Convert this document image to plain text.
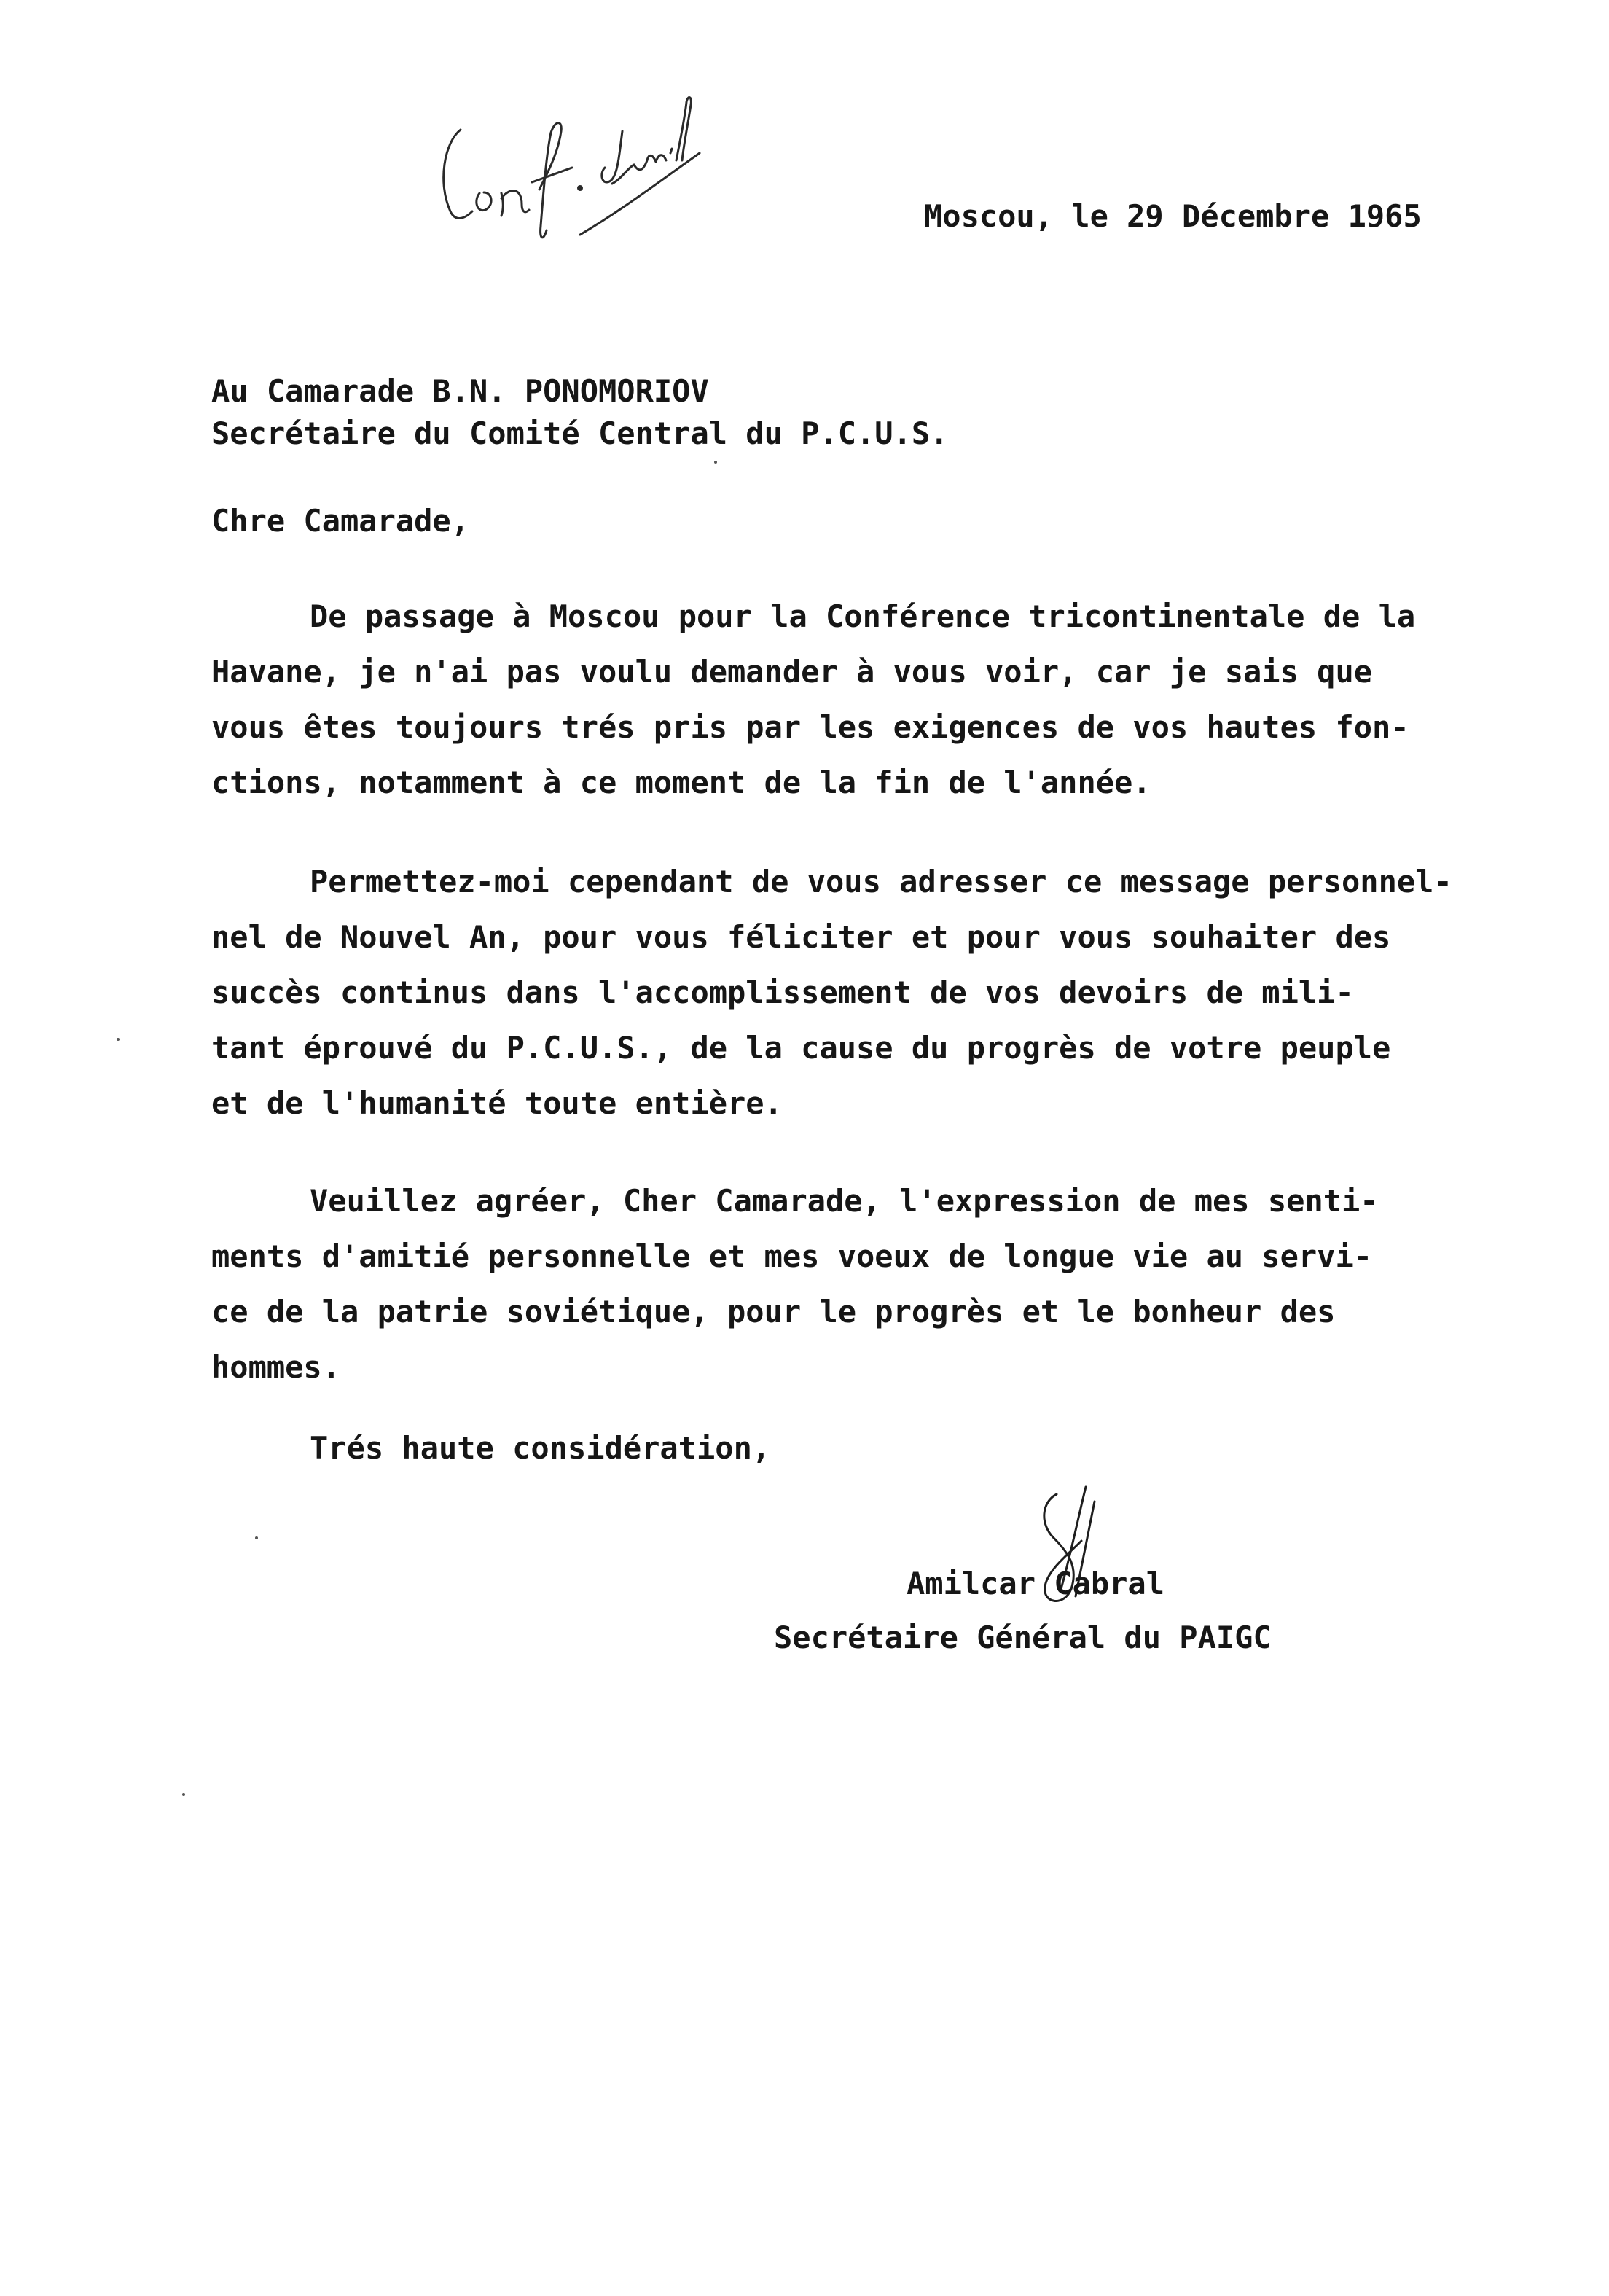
Moscou, le 29 Décembre 1965
Au Camarade B.N. PONOMORIOV
Secrétaire du Comité Central du P.C.U.S.
Chre Camarade,
De passage à Moscou pour la Conférence tricontinentale de la
Havane, je n'ai pas voulu demander à vous voir, car je sais que
vous êtes toujours trés pris par les exigences de vos hautes fon-
ctions, notamment à ce moment de la fin de l'année.
Permettez-moi cependant de vous adresser ce message personnel-
nel de Nouvel An, pour vous féliciter et pour vous souhaiter des
succès continus dans l'accomplissement de vos devoirs de mili-
tant éprouvé du P.C.U.S., de la cause du progrès de votre peuple
et de l'humanité toute entière.
Veuillez agréer, Cher Camarade, l'expression de mes senti-
ments d'amitié personnelle et mes voeux de longue vie au servi-
ce de la patrie soviétique, pour le progrès et le bonheur des
hommes.
Trés haute considération,
Amilcar Cabral
Secrétaire Général du PAIGC
